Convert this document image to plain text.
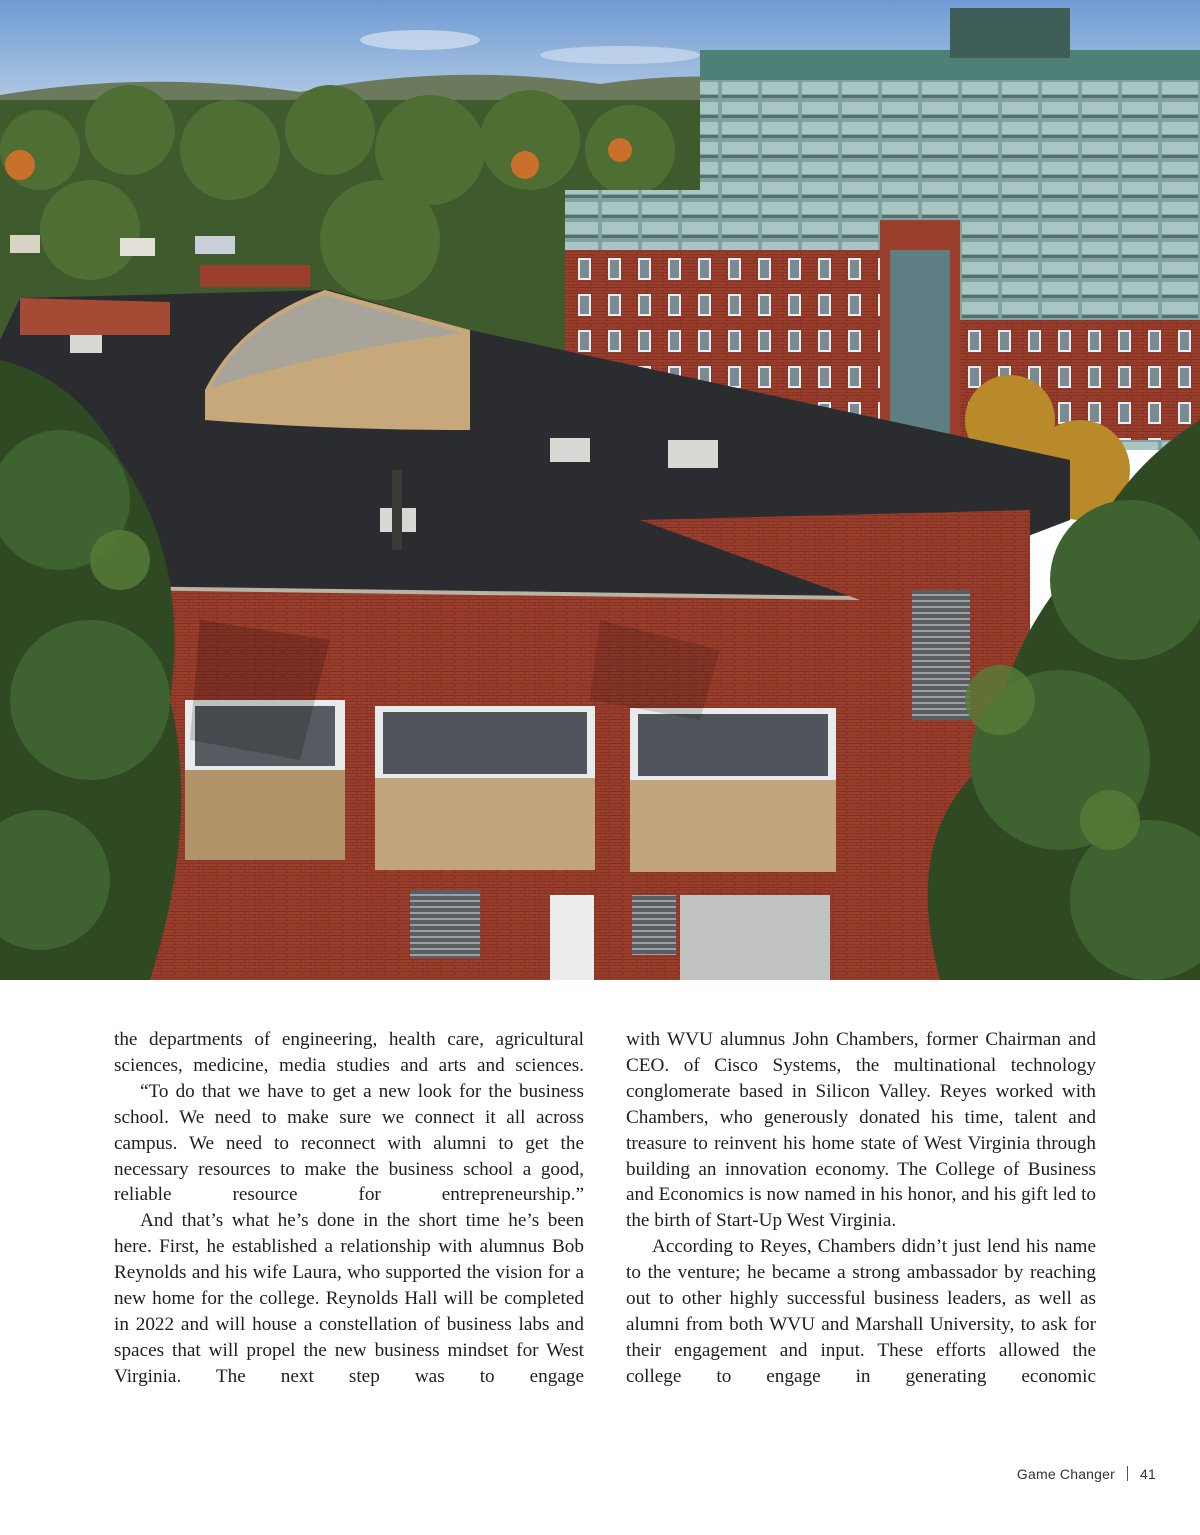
the departments of engineering, health care, agricultural sciences, medicine, media studies and arts and sciences.

“To do that we have to get a new look for the business school. We need to make sure we connect it all across campus. We need to reconnect with alumni to get the necessary resources to make the business school a good, reliable resource for entrepreneurship.”

And that’s what he’s done in the short time he’s been here. First, he established a relationship with alumnus Bob Reynolds and his wife Laura, who supported the vision for a new home for the college. Reynolds Hall will be completed in 2022 and will house a constellation of business labs and spaces that will propel the new business mindset for West Virginia. The next step was to engage

with WVU alumnus John Chambers, former Chairman and CEO. of Cisco Systems, the multinational technology conglomerate based in Silicon Valley. Reyes worked with Chambers, who generously donated his time, talent and treasure to reinvent his home state of West Virginia through building an innovation economy. The College of Business and Economics is now named in his honor, and his gift led to the birth of Start-Up West Virginia.

According to Reyes, Chambers didn’t just lend his name to the venture; he became a strong ambassador by reaching out to other highly successful business leaders, as well as alumni from both WVU and Marshall University, to ask for their engagement and input. These efforts allowed the college to engage in generating economic

Game Changer 41
